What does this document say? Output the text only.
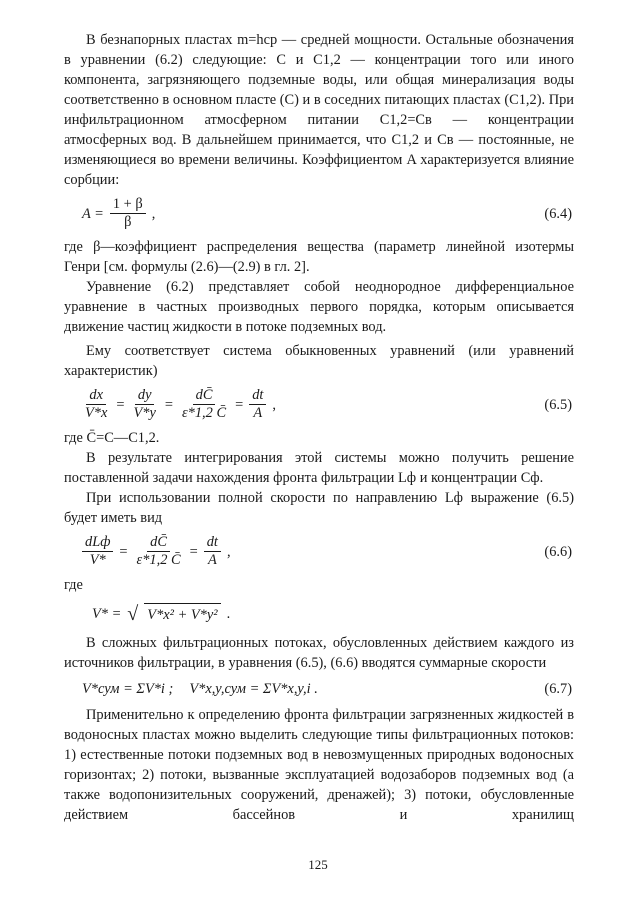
В безнапорных пластах m=hср — средней мощности. Остальные обозначения в уравнении (6.2) следующие: C и C1,2 — концентрации того или иного компонента, загрязняющего подземные воды, или общая минерализация воды соответственно в основном пласте (C) и в соседних питающих пластах (C1,2). При инфильтрационном атмосферном питании C1,2=Cв — концентрации атмосферных вод. В дальнейшем принимается, что C1,2 и Cв — постоянные, не изменяющиеся во времени величины. Коэффициентом A характеризуется влияние сорбции:

$A = \frac{1 + \beta}{\beta}$ ,	(6.4)

где β—коэффициент распределения вещества (параметр линейной изотермы Генри [см. формулы (2.6)—(2.9) в гл. 2].

Уравнение (6.2) представляет собой неоднородное дифференциальное уравнение в частных производных первого порядка, которым описывается движение частиц жидкости в потоке подземных вод.

Ему соответствует система обыкновенных уравнений (или уравнений характеристик)

$\frac{dx}{V*x} = \frac{dy}{V*y} = \frac{dC̄}{\varepsilon*1,2 C̄} = \frac{dt}{A}$ ,	(6.5)

где C̄=C—C1,2.

В результате интегрирования этой системы можно получить решение поставленной задачи нахождения фронта фильтрации Lф и концентрации Cф.

При использовании полной скорости по направлению Lф выражение (6.5) будет иметь вид

$\frac{\text{dLф}}{V*} = \frac{dC̄}{\varepsilon*1,2 C̄} = \frac{dt}{A}$ ,	(6.6)

где

V* = √ V*x² + V*y² .

В сложных фильтрационных потоках, обусловленных действием каждого из источников фильтрации, в уравнения (6.5), (6.6) вводятся суммарные скорости

V*сум = ΣV*i ; V*x,y,сум = ΣV*x,y,i .	(6.7)

Применительно к определению фронта фильтрации загрязненных жидкостей в водоносных пластах можно выделить следующие типы фильтрационных потоков: 1) естественные потоки подземных вод в невозмущенных природных водоносных горизонтах; 2) потоки, вызванные эксплуатацией водозаборов подземных вод (а также водопонизительных сооружений, дренажей); 3) потоки, обусловленные действием бассейнов и хранилищ

125
